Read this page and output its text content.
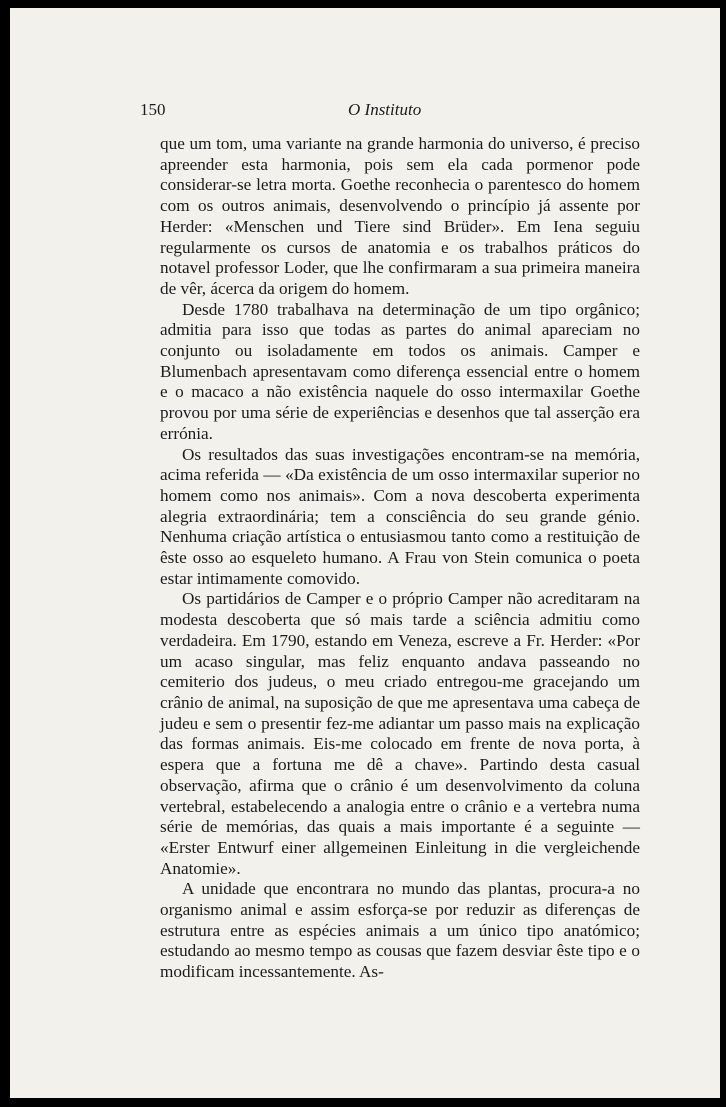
150	O Instituto

que um tom, uma variante na grande harmonia do universo, é preciso apreender esta harmonia, pois sem ela cada pormenor pode considerar-se letra morta. Goethe reconhecia o parentesco do homem com os outros animais, desenvolvendo o princípio já assente por Herder: «Menschen und Tiere sind Brüder». Em Iena seguiu regularmente os cursos de anatomia e os trabalhos práticos do notavel professor Loder, que lhe confirmaram a sua primeira maneira de vêr, ácerca da origem do homem.

Desde 1780 trabalhava na determinação de um tipo orgânico; admitia para isso que todas as partes do animal apareciam no conjunto ou isoladamente em todos os animais. Camper e Blumenbach apresentavam como diferença essencial entre o homem e o macaco a não existência naquele do osso intermaxilar Goethe provou por uma série de experiências e desenhos que tal asserção era errónia.

Os resultados das suas investigações encontram-se na memória, acima referida — «Da existência de um osso intermaxilar superior no homem como nos animais». Com a nova descoberta experimenta alegria extraordinária; tem a consciência do seu grande génio. Nenhuma criação artística o entusiasmou tanto como a restituição de êste osso ao esqueleto humano. A Frau von Stein comunica o poeta estar intimamente comovido.

Os partidários de Camper e o próprio Camper não acreditaram na modesta descoberta que só mais tarde a sciência admitiu como verdadeira. Em 1790, estando em Veneza, escreve a Fr. Herder: «Por um acaso singular, mas feliz enquanto andava passeando no cemiterio dos judeus, o meu criado entregou-me gracejando um crânio de animal, na suposição de que me apresentava uma cabeça de judeu e sem o presentir fez-me adiantar um passo mais na explicação das formas animais. Eis-me colocado em frente de nova porta, à espera que a fortuna me dê a chave». Partindo desta casual observação, afirma que o crânio é um desenvolvimento da coluna vertebral, estabelecendo a analogia entre o crânio e a vertebra numa série de memórias, das quais a mais importante é a seguinte — «Erster Entwurf einer allgemeinen Einleitung in die vergleichende Anatomie».

A unidade que encontrara no mundo das plantas, procura-a no organismo animal e assim esforça-se por reduzir as diferenças de estrutura entre as espécies animais a um único tipo anatómico; estudando ao mesmo tempo as cousas que fazem desviar êste tipo e o modificam incessantemente. As-
